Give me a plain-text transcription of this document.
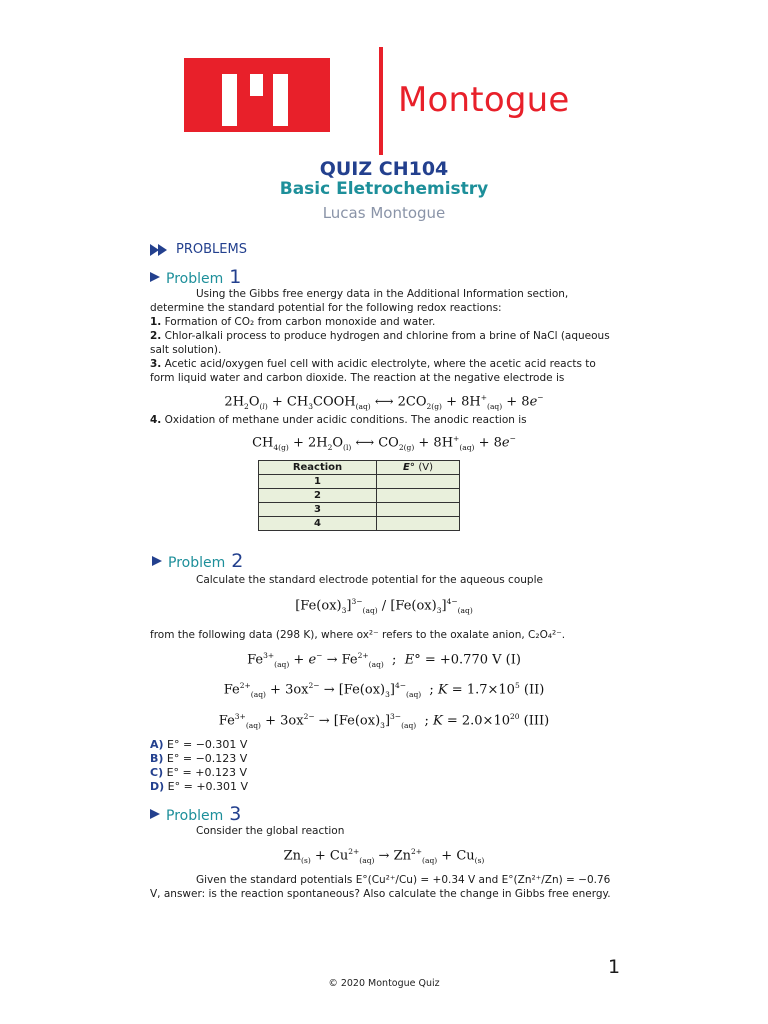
Montogue
QUIZ CH104
Basic Eletrochemistry
Lucas Montogue
PROBLEMS
Problem 1
Using the Gibbs free energy data in the Additional Information section, determine the standard potential for the following redox reactions:
1. Formation of CO₂ from carbon monoxide and water.
2. Chlor-alkali process to produce hydrogen and chlorine from a brine of NaCl (aqueous salt solution).
3. Acetic acid/oxygen fuel cell with acidic electrolyte, where the acetic acid reacts to form liquid water and carbon dioxide. The reaction at the negative electrode is
$2H_2O_{(l)}$ + $CH_3COOH_{(aq)}$ ⟷ $2CO_{2(g)} + 8H^+_{(aq)} + 8e^-$
4. Oxidation of methane under acidic conditions. The anodic reaction is
$CH_{4(g)} + 2H_2O_{(l)}$ ⟷ $CO_{2(g)} + 8H^+_{(aq)} + 8e^-$
Reaction	E° (V)
1	
2	
3	
4	
Problem 2
Calculate the standard electrode potential for the aqueous couple
$[Fe(ox)_3]^{3-}_{(aq)} / [Fe(ox)_3]^{4-}_{(aq)}$
from the following data (298 K), where ox²⁻ refers to the oxalate anion, C₂O₄²⁻.
$Fe^{3+}_{(aq)} + e^- \to Fe^{2+}_{(aq)}$  ;  E° = +0.770 V (I)
$Fe^{2+}_{(aq)} + 3ox^{2-} \to [Fe(ox)_3]^{4-}_{(aq)}$  ; $K = 1.7\times 10^5$ (II)
$Fe^{3+}_{(aq)} + 3ox^{2-} \to [Fe(ox)_3]^{3-}_{(aq)}$  ; $K = 2.0\times 10^{20}$ (III)
A) E° = −0.301 V
B) E° = −0.123 V
C) E° = +0.123 V
D) E° = +0.301 V
Problem 3
Consider the global reaction
$Zn_{(s)} + Cu^{2+}_{(aq)} \to Zn^{2+}_{(aq)} + Cu_{(s)}$
Given the standard potentials E°(Cu²⁺/Cu) = +0.34 V and E°(Zn²⁺/Zn) = −0.76 V, answer: is the reaction spontaneous? Also calculate the change in Gibbs free energy.
1
© 2020 Montogue Quiz
